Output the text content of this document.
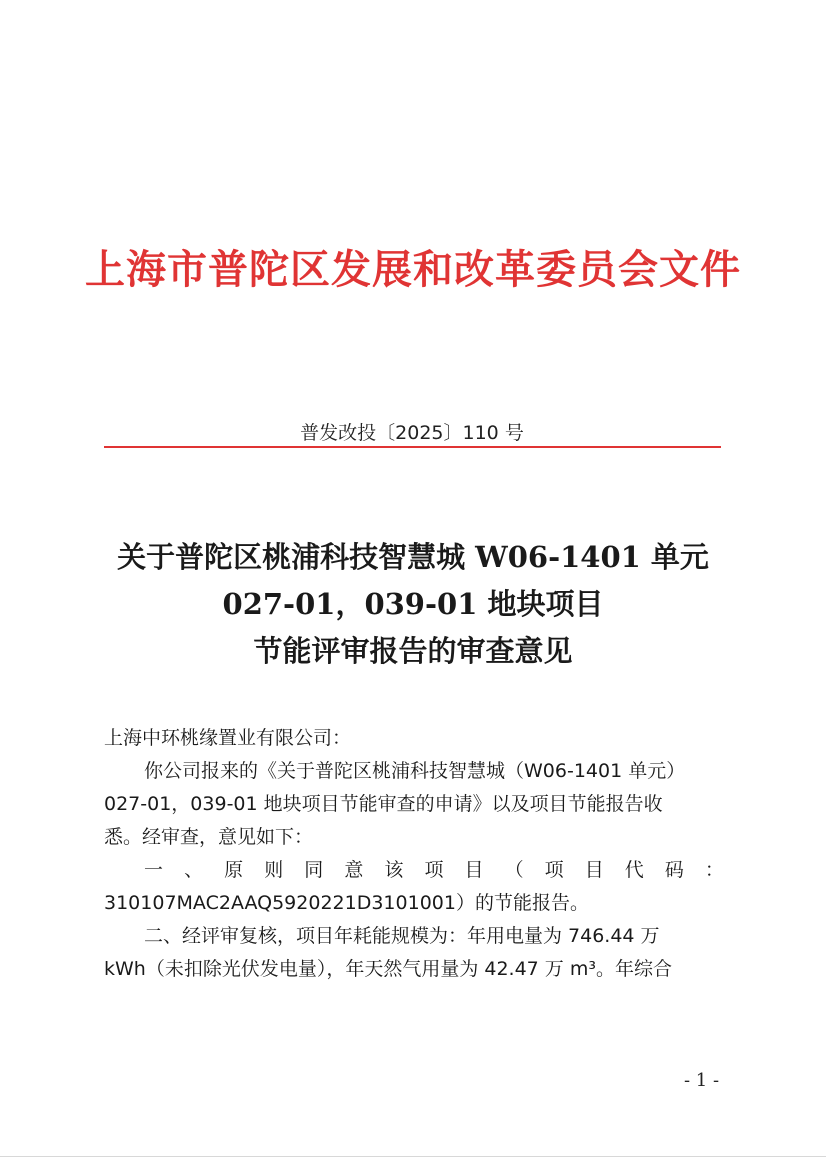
上海市普陀区发展和改革委员会文件
普发改投〔2025〕110 号
关于普陀区桃浦科技智慧城 W06-1401 单元
027-01，039-01 地块项目
节能评审报告的审查意见

上海中环桃缘置业有限公司：

你公司报来的《关于普陀区桃浦科技智慧城（W06-1401 单元）

027-01，039-01 地块项目节能审查的申请》以及项目节能报告收

悉。经审查，意见如下：

一 、 原 则 同 意 该 项 目 （ 项 目 代 码 ：

310107MAC2AAQ5920221D3101001）的节能报告。

二、经评审复核，项目年耗能规模为：年用电量为 746.44 万

kWh（未扣除光伏发电量），年天然气用量为 42.47 万 m³。年综合

- 1 -
